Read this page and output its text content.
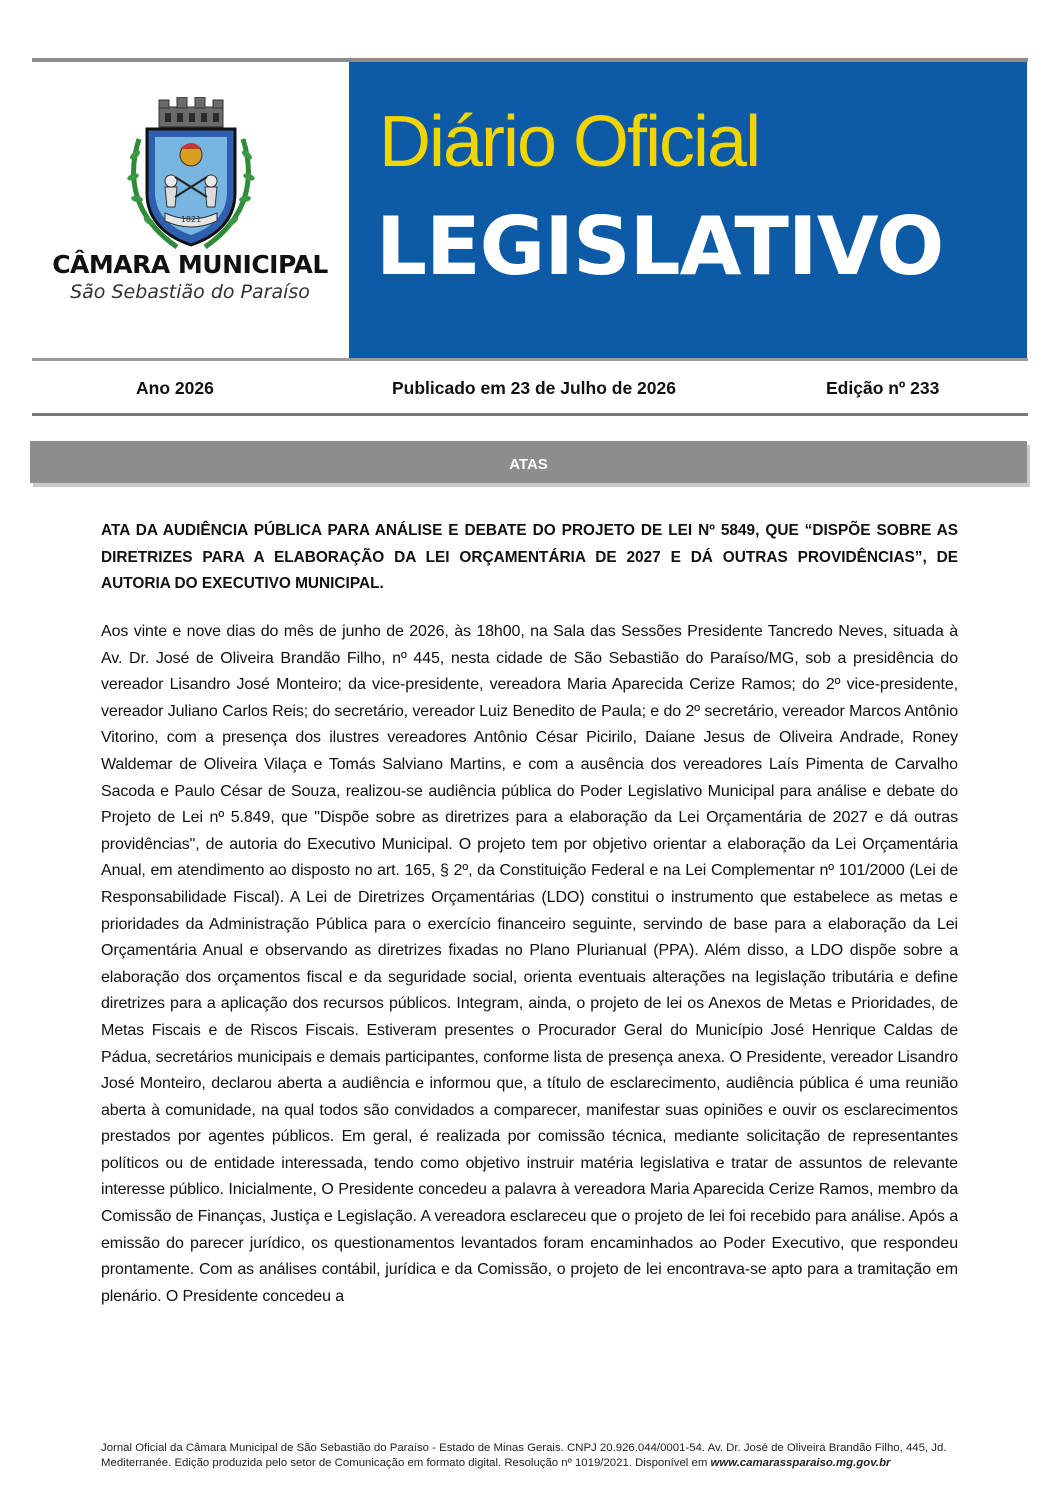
1821
CÂMARA MUNICIPAL
São Sebastião do Paraíso
Diário Oficial
LEGISLATIVO
Ano 2026	Publicado em 23 de Julho de 2026	Edição nº 233
ATAS
ATA DA AUDIÊNCIA PÚBLICA PARA ANÁLISE E DEBATE DO PROJETO DE LEI Nº 5849, QUE “DISPÕE SOBRE AS DIRETRIZES PARA A ELABORAÇÃO DA LEI ORÇAMENTÁRIA DE 2027 E DÁ OUTRAS PROVIDÊNCIAS”, DE AUTORIA DO EXECUTIVO MUNICIPAL.
Aos vinte e nove dias do mês de junho de 2026, às 18h00, na Sala das Sessões Presidente Tancredo Neves, situada à Av. Dr. José de Oliveira Brandão Filho, nº 445, nesta cidade de São Sebastião do Paraíso/MG, sob a presidência do vereador Lisandro José Monteiro; da vice-presidente, vereadora Maria Aparecida Cerize Ramos; do 2º vice-presidente, vereador Juliano Carlos Reis; do secretário, vereador Luiz Benedito de Paula; e do 2º secretário, vereador Marcos Antônio Vitorino, com a presença dos ilustres vereadores Antônio César Picirilo, Daiane Jesus de Oliveira Andrade, Roney Waldemar de Oliveira Vilaça e Tomás Salviano Martins, e com a ausência dos vereadores Laís Pimenta de Carvalho Sacoda e Paulo César de Souza, realizou-se audiência pública do Poder Legislativo Municipal para análise e debate do Projeto de Lei nº 5.849, que "Dispõe sobre as diretrizes para a elaboração da Lei Orçamentária de 2027 e dá outras providências", de autoria do Executivo Municipal. O projeto tem por objetivo orientar a elaboração da Lei Orçamentária Anual, em atendimento ao disposto no art. 165, § 2º, da Constituição Federal e na Lei Complementar nº 101/2000 (Lei de Responsabilidade Fiscal). A Lei de Diretrizes Orçamentárias (LDO) constitui o instrumento que estabelece as metas e prioridades da Administração Pública para o exercício financeiro seguinte, servindo de base para a elaboração da Lei Orçamentária Anual e observando as diretrizes fixadas no Plano Plurianual (PPA). Além disso, a LDO dispõe sobre a elaboração dos orçamentos fiscal e da seguridade social, orienta eventuais alterações na legislação tributária e define diretrizes para a aplicação dos recursos públicos. Integram, ainda, o projeto de lei os Anexos de Metas e Prioridades, de Metas Fiscais e de Riscos Fiscais. Estiveram presentes o Procurador Geral do Município José Henrique Caldas de Pádua, secretários municipais e demais participantes, conforme lista de presença anexa. O Presidente, vereador Lisandro José Monteiro, declarou aberta a audiência e informou que, a título de esclarecimento, audiência pública é uma reunião aberta à comunidade, na qual todos são convidados a comparecer, manifestar suas opiniões e ouvir os esclarecimentos prestados por agentes públicos. Em geral, é realizada por comissão técnica, mediante solicitação de representantes políticos ou de entidade interessada, tendo como objetivo instruir matéria legislativa e tratar de assuntos de relevante interesse público. Inicialmente, O Presidente concedeu a palavra à vereadora Maria Aparecida Cerize Ramos, membro da Comissão de Finanças, Justiça e Legislação. A vereadora esclareceu que o projeto de lei foi recebido para análise. Após a emissão do parecer jurídico, os questionamentos levantados foram encaminhados ao Poder Executivo, que respondeu prontamente. Com as análises contábil, jurídica e da Comissão, o projeto de lei encontrava-se apto para a tramitação em plenário. O Presidente concedeu a
Jornal Oficial da Câmara Municipal de São Sebastião do Paraíso - Estado de Minas Gerais. CNPJ 20.926.044/0001-54. Av. Dr. José de Oliveira Brandão Filho, 445, Jd. Mediterranée. Edição produzida pelo setor de Comunicação em formato digital. Resolução nº 1019/2021. Disponível em www.camarassparaiso.mg.gov.br
